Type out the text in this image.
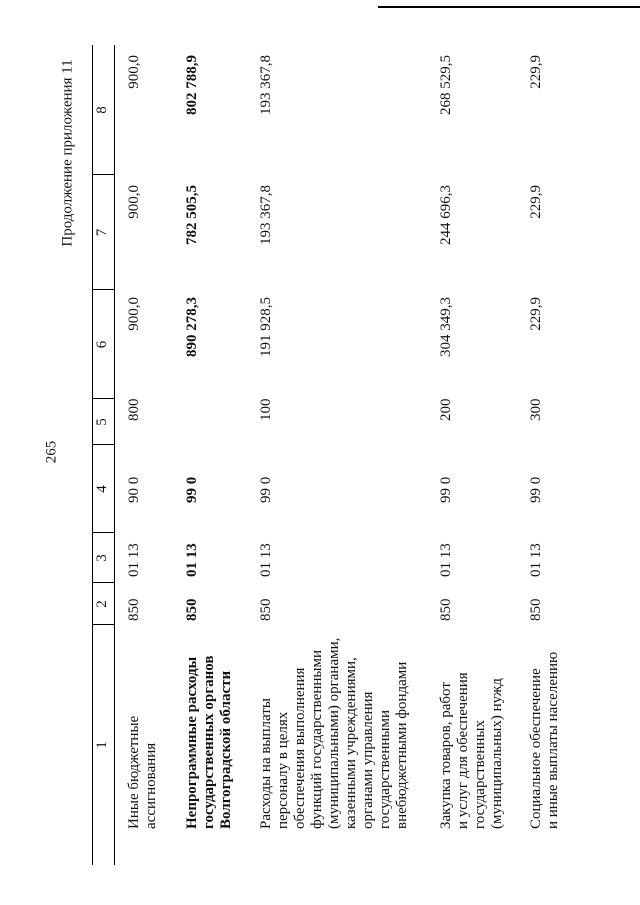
265
Продолжение приложения 11
1
2
3
4
5
6
7
8
Иные бюджетные
ассигнования
850
01 13
90 0
800
900,0
900,0
900,0
Непрограммные расходы
государственных органов
Волгоградской области
850
01 13
99 0
890 278,3
782 505,5
802 788,9
Расходы на выплаты
персоналу в целях
обеспечения выполнения
функций государственными
(муниципальными) органами,
казенными учреждениями,
органами управления
государственными
внебюджетными фондами
850
01 13
99 0
100
191 928,5
193 367,8
193 367,8
Закупка товаров, работ
и услуг для обеспечения
государственных
(муниципальных) нужд
850
01 13
99 0
200
304 349,3
244 696,3
268 529,5
Социальное обеспечение
и иные выплаты населению
850
01 13
99 0
300
229,9
229,9
229,9
